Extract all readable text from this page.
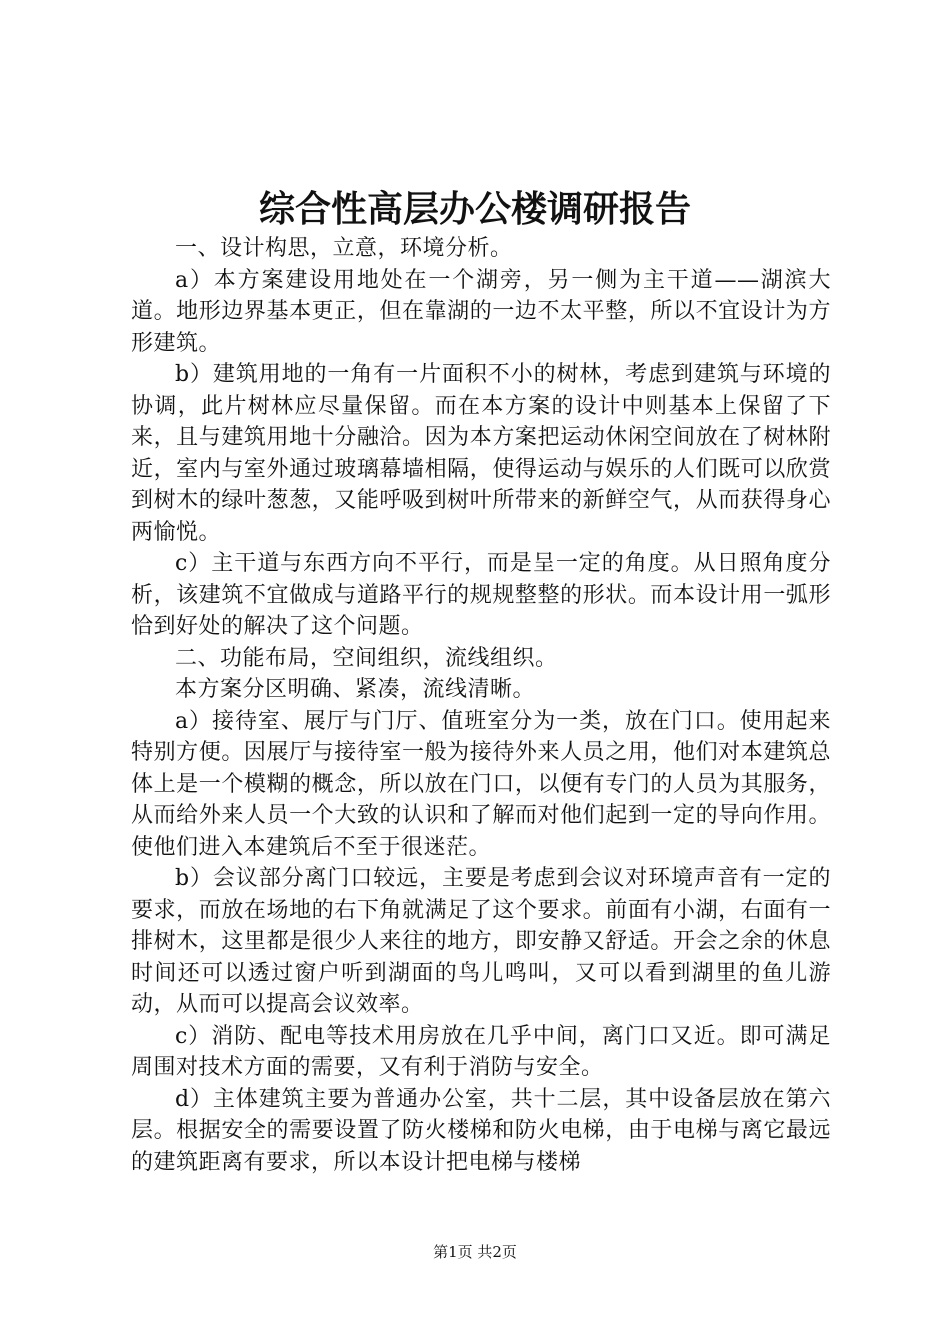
综合性高层办公楼调研报告

一、设计构思，立意，环境分析。

a）本方案建设用地处在一个湖旁，另一侧为主干道——湖滨大道。地形边界基本更正，但在靠湖的一边不太平整，所以不宜设计为方形建筑。

b）建筑用地的一角有一片面积不小的树林，考虑到建筑与环境的协调，此片树林应尽量保留。而在本方案的设计中则基本上保留了下来，且与建筑用地十分融洽。因为本方案把运动休闲空间放在了树林附近，室内与室外通过玻璃幕墙相隔，使得运动与娱乐的人们既可以欣赏到树木的绿叶葱葱，又能呼吸到树叶所带来的新鲜空气，从而获得身心两愉悦。

c）主干道与东西方向不平行，而是呈一定的角度。从日照角度分析，该建筑不宜做成与道路平行的规规整整的形状。而本设计用一弧形恰到好处的解决了这个问题。

二、功能布局，空间组织，流线组织。

本方案分区明确、紧凑，流线清晰。

a）接待室、展厅与门厅、值班室分为一类，放在门口。使用起来特别方便。因展厅与接待室一般为接待外来人员之用，他们对本建筑总体上是一个模糊的概念，所以放在门口，以便有专门的人员为其服务，从而给外来人员一个大致的认识和了解而对他们起到一定的导向作用。使他们进入本建筑后不至于很迷茫。

b）会议部分离门口较远，主要是考虑到会议对环境声音有一定的要求，而放在场地的右下角就满足了这个要求。前面有小湖，右面有一排树木，这里都是很少人来往的地方，即安静又舒适。开会之余的休息时间还可以透过窗户听到湖面的鸟儿鸣叫，又可以看到湖里的鱼儿游动，从而可以提高会议效率。

c）消防、配电等技术用房放在几乎中间，离门口又近。即可满足周围对技术方面的需要，又有利于消防与安全。

d）主体建筑主要为普通办公室，共十二层，其中设备层放在第六层。根据安全的需要设置了防火楼梯和防火电梯，由于电梯与离它最远的建筑距离有要求，所以本设计把电梯与楼梯

第1页 共2页
